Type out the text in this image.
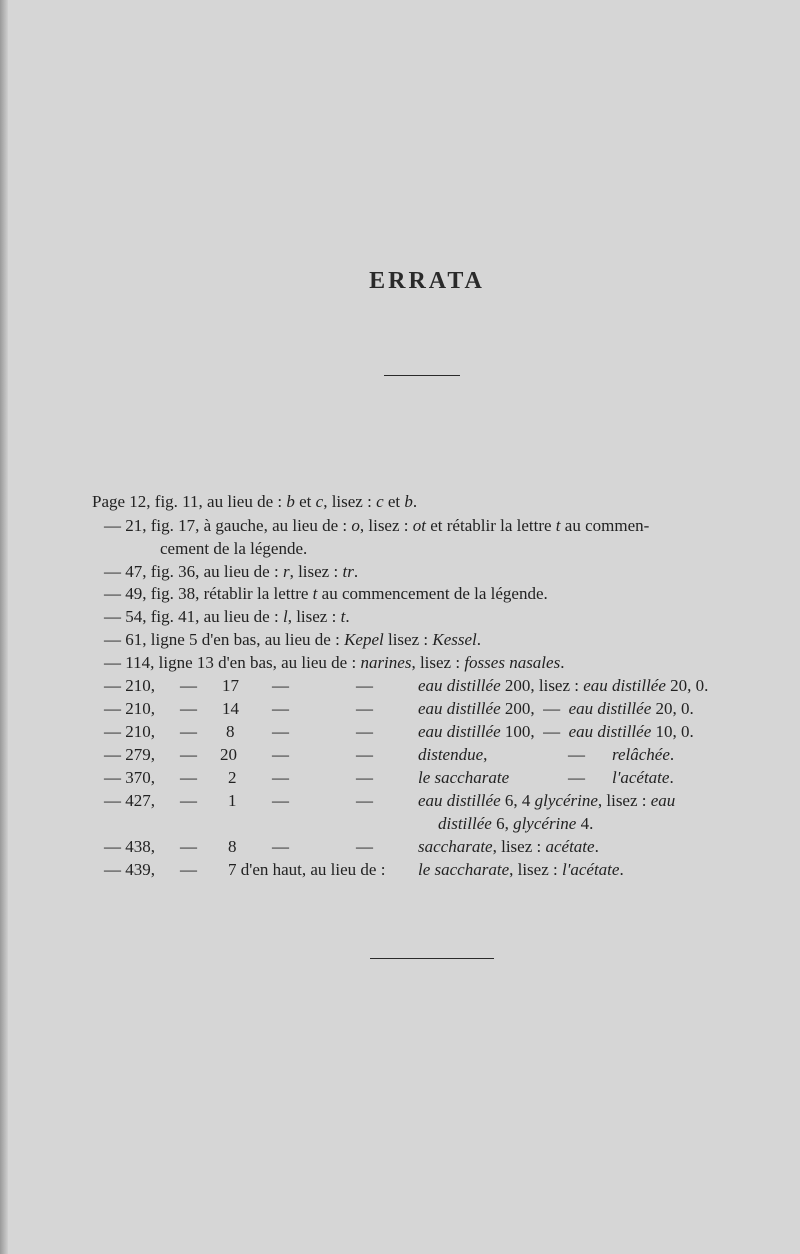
ERRATA
Page 12, fig. 11, au lieu de : b et c, lisez : c et b.
— 21, fig. 17, à gauche, au lieu de : o, lisez : ot et rétablir la lettre t au commen-
cement de la légende.
— 47, fig. 36, au lieu de : r, lisez : tr.
— 49, fig. 38, rétablir la lettre t au commencement de la légende.
— 54, fig. 41, au lieu de : l, lisez : t.
— 61, ligne 5 d'en bas, au lieu de : Kepel lisez : Kessel.
— 114, ligne 13 d'en bas, au lieu de : narines, lisez : fosses nasales.
— 210, — 17 —	—	eau distillée 200, lisez : eau distillée 20, 0.
— 210, — 14 —	—	eau distillée 200,  —  eau distillée 20, 0.
— 210, — 8 —	—	eau distillée 100,  —  eau distillée 10, 0.
— 279, — 20 —	—	distendue,	— relâchée.
— 370, — 2 —	—	le saccharate	— l'acétate.
— 427, — 1 —	—	eau distillée 6, 4 glycérine, lisez : eau
distillée 6, glycérine 4.
— 438, — 8 —	—	saccharate, lisez : acétate.
— 439, — 7 d'en haut, au lieu de : le saccharate, lisez : l'acétate.
